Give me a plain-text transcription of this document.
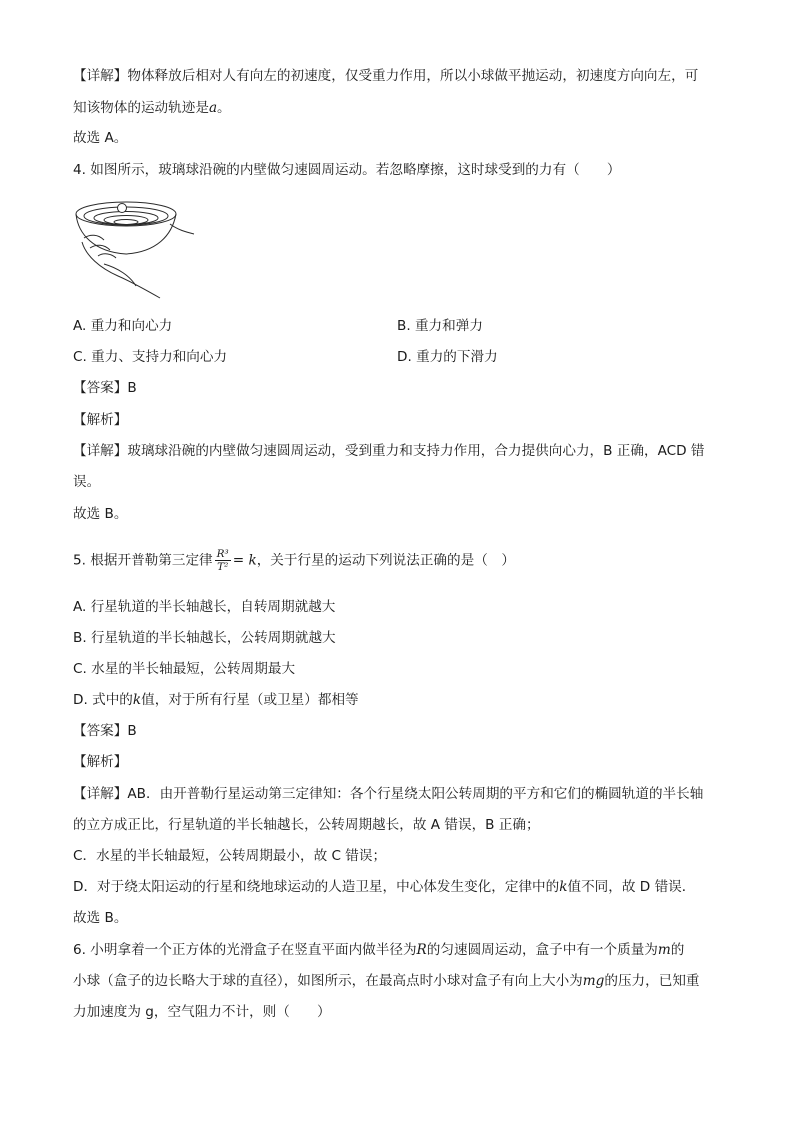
【详解】物体释放后相对人有向左的初速度，仅受重力作用，所以小球做平抛运动，初速度方向向左，可
知该物体的运动轨迹是a。
故选 A。
4. 如图所示，玻璃球沿碗的内壁做匀速圆周运动。若忽略摩擦，这时球受到的力有（　　）
A. 重力和向心力	B. 重力和弹力
C. 重力、支持力和向心力	D. 重力的下滑力
【答案】B
【解析】
【详解】玻璃球沿碗的内壁做匀速圆周运动，受到重力和支持力作用，合力提供向心力，B 正确，ACD 错
误。
故选 B。
5. 根据开普勒第三定律 $\frac{\text{R³}}{\text{T²}} = k$，关于行星的运动下列说法正确的是（　）
A. 行星轨道的半长轴越长，自转周期就越大
B. 行星轨道的半长轴越长，公转周期就越大
C. 水星的半长轴最短，公转周期最大
D. 式中的k值，对于所有行星（或卫星）都相等
【答案】B
【解析】
【详解】AB．由开普勒行星运动第三定律知：各个行星绕太阳公转周期的平方和它们的椭圆轨道的半长轴
的立方成正比，行星轨道的半长轴越长，公转周期越长，故 A 错误，B 正确；
C．水星的半长轴最短，公转周期最小，故 C 错误；
D．对于绕太阳运动的行星和绕地球运动的人造卫星，中心体发生变化，定律中的k值不同，故 D 错误．
故选 B。
6. 小明拿着一个正方体的光滑盒子在竖直平面内做半径为R的匀速圆周运动，盒子中有一个质量为m的
小球（盒子的边长略大于球的直径），如图所示，在最高点时小球对盒子有向上大小为mg的压力，已知重
力加速度为 g，空气阻力不计，则（　　）
